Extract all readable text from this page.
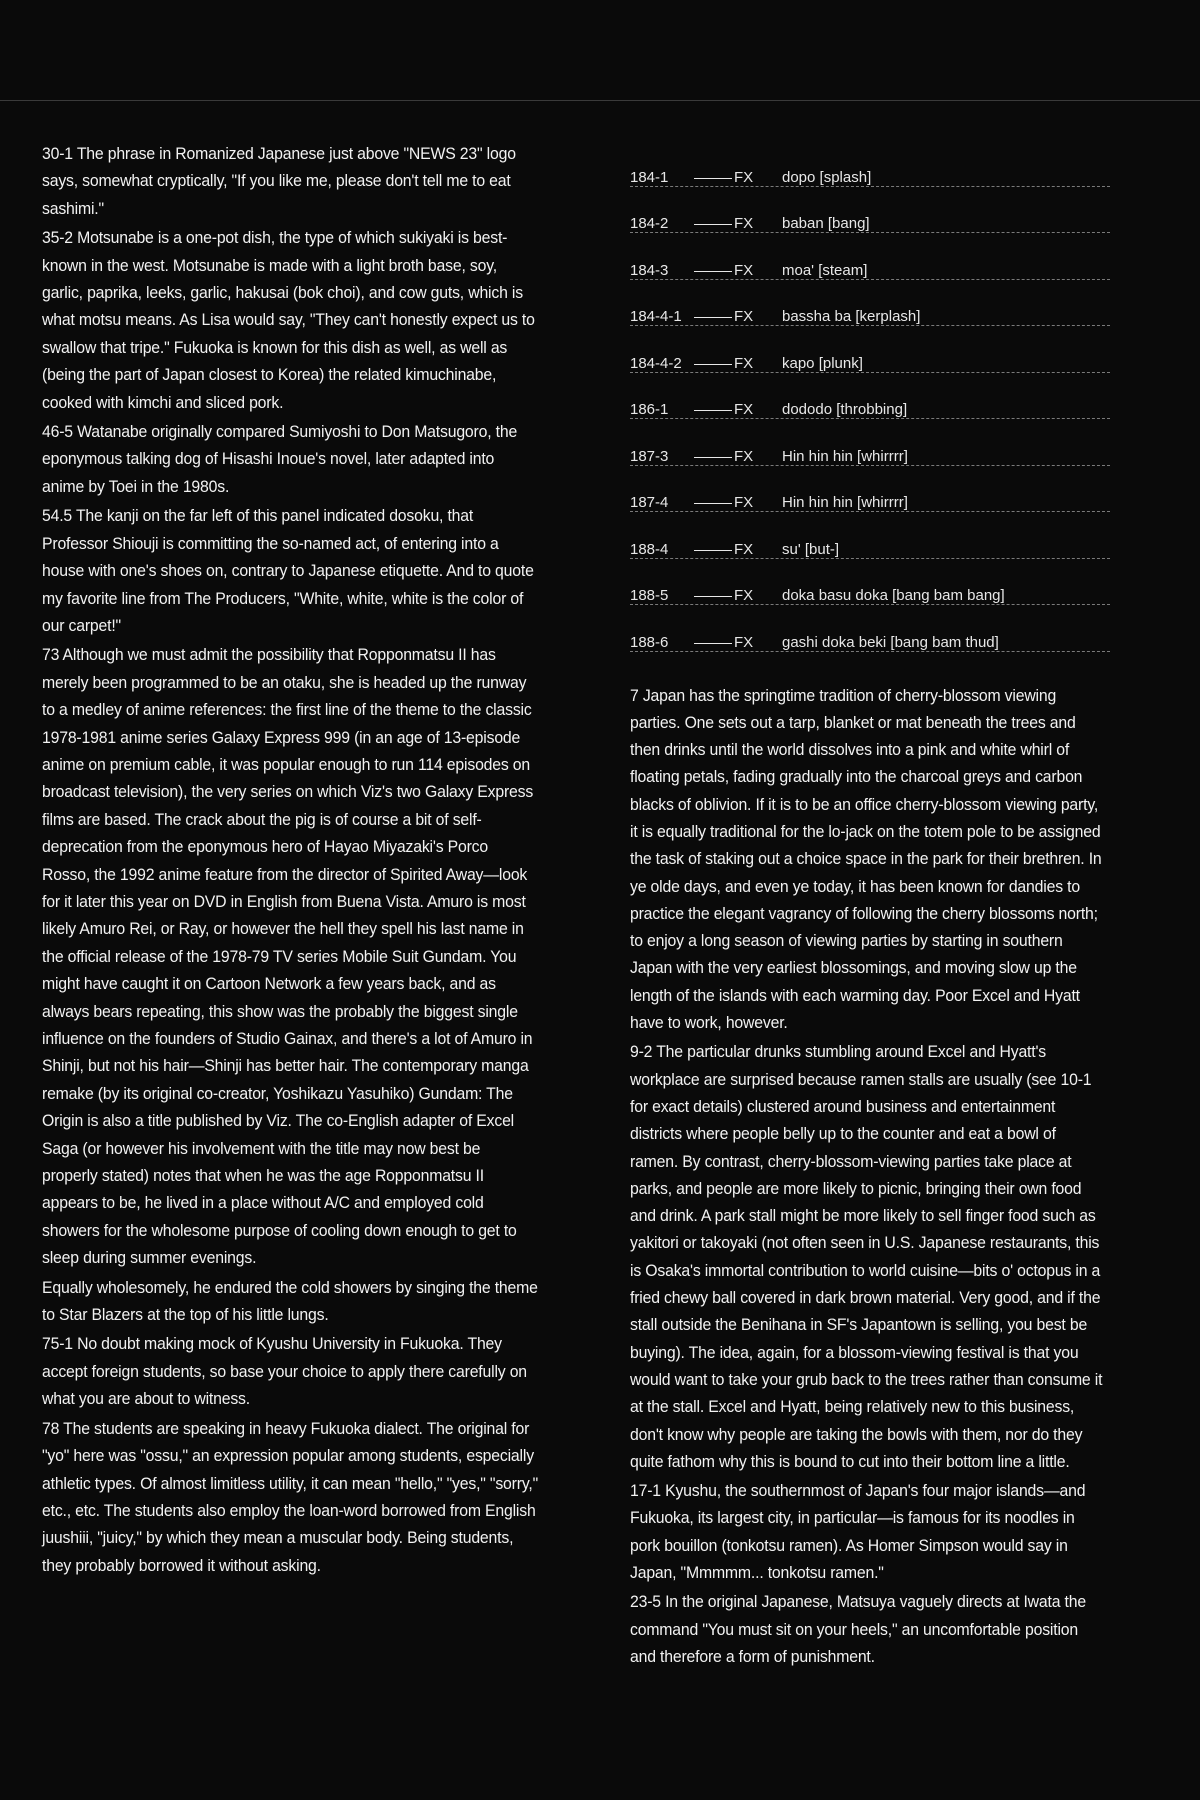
30-1 The phrase in Romanized Japanese just above "NEWS 23" logo says, somewhat cryptically, "If you like me, please don't tell me to eat sashimi."

35-2 Motsunabe is a one-pot dish, the type of which sukiyaki is best-known in the west. Motsunabe is made with a light broth base, soy, garlic, paprika, leeks, garlic, hakusai (bok choi), and cow guts, which is what motsu means. As Lisa would say, "They can't honestly expect us to swallow that tripe." Fukuoka is known for this dish as well, as well as (being the part of Japan closest to Korea) the related kimuchinabe, cooked with kimchi and sliced pork.

46-5 Watanabe originally compared Sumiyoshi to Don Matsugoro, the eponymous talking dog of Hisashi Inoue's novel, later adapted into anime by Toei in the 1980s.

54.5 The kanji on the far left of this panel indicated dosoku, that Professor Shiouji is committing the so-named act, of entering into a house with one's shoes on, contrary to Japanese etiquette. And to quote my favorite line from The Producers, "White, white, white is the color of our carpet!"

73 Although we must admit the possibility that Ropponmatsu II has merely been programmed to be an otaku, she is headed up the runway to a medley of anime references: the first line of the theme to the classic 1978-1981 anime series Galaxy Express 999 (in an age of 13-episode anime on premium cable, it was popular enough to run 114 episodes on broadcast television), the very series on which Viz's two Galaxy Express films are based. The crack about the pig is of course a bit of self-deprecation from the eponymous hero of Hayao Miyazaki's Porco Rosso, the 1992 anime feature from the director of Spirited Away—look for it later this year on DVD in English from Buena Vista. Amuro is most likely Amuro Rei, or Ray, or however the hell they spell his last name in the official release of the 1978-79 TV series Mobile Suit Gundam. You might have caught it on Cartoon Network a few years back, and as always bears repeating, this show was the probably the biggest single influence on the founders of Studio Gainax, and there's a lot of Amuro in Shinji, but not his hair—Shinji has better hair. The contemporary manga remake (by its original co-creator, Yoshikazu Yasuhiko) Gundam: The Origin is also a title published by Viz. The co-English adapter of Excel Saga (or however his involvement with the title may now best be properly stated) notes that when he was the age Ropponmatsu II appears to be, he lived in a place without A/C and employed cold showers for the wholesome purpose of cooling down enough to get to sleep during summer evenings.

Equally wholesomely, he endured the cold showers by singing the theme to Star Blazers at the top of his little lungs.

75-1 No doubt making mock of Kyushu University in Fukuoka. They accept foreign students, so base your choice to apply there carefully on what you are about to witness.

78 The students are speaking in heavy Fukuoka dialect. The original for "yo" here was "ossu," an expression popular among students, especially athletic types. Of almost limitless utility, it can mean "hello," "yes," "sorry," etc., etc. The students also employ the loan-word borrowed from English juushiii, "juicy," by which they mean a muscular body. Being students, they probably borrowed it without asking.

184-1	FX	dopo [splash]
184-2	FX	baban [bang]
184-3	FX	moa' [steam]
184-4-1	FX	bassha ba [kerplash]
184-4-2	FX	kapo [plunk]
186-1	FX	dododo [throbbing]
187-3	FX	Hin hin hin [whirrrr]
187-4	FX	Hin hin hin [whirrrr]
188-4	FX	su' [but-]
188-5	FX	doka basu doka [bang bam bang]
188-6	FX	gashi doka beki [bang bam thud]

7 Japan has the springtime tradition of cherry-blossom viewing parties. One sets out a tarp, blanket or mat beneath the trees and then drinks until the world dissolves into a pink and white whirl of floating petals, fading gradually into the charcoal greys and carbon blacks of oblivion. If it is to be an office cherry-blossom viewing party, it is equally traditional for the lo-jack on the totem pole to be assigned the task of staking out a choice space in the park for their brethren. In ye olde days, and even ye today, it has been known for dandies to practice the elegant vagrancy of following the cherry blossoms north; to enjoy a long season of viewing parties by starting in southern Japan with the very earliest blossomings, and moving slow up the length of the islands with each warming day. Poor Excel and Hyatt have to work, however.

9-2 The particular drunks stumbling around Excel and Hyatt's workplace are surprised because ramen stalls are usually (see 10-1 for exact details) clustered around business and entertainment districts where people belly up to the counter and eat a bowl of ramen. By contrast, cherry-blossom-viewing parties take place at parks, and people are more likely to picnic, bringing their own food and drink. A park stall might be more likely to sell finger food such as yakitori or takoyaki (not often seen in U.S. Japanese restaurants, this is Osaka's immortal contribution to world cuisine—bits o' octopus in a fried chewy ball covered in dark brown material. Very good, and if the stall outside the Benihana in SF's Japantown is selling, you best be buying). The idea, again, for a blossom-viewing festival is that you would want to take your grub back to the trees rather than consume it at the stall. Excel and Hyatt, being relatively new to this business, don't know why people are taking the bowls with them, nor do they quite fathom why this is bound to cut into their bottom line a little.

17-1 Kyushu, the southernmost of Japan's four major islands—and Fukuoka, its largest city, in particular—is famous for its noodles in pork bouillon (tonkotsu ramen). As Homer Simpson would say in Japan, "Mmmmm... tonkotsu ramen."

23-5 In the original Japanese, Matsuya vaguely directs at Iwata the command "You must sit on your heels," an uncomfortable position and therefore a form of punishment.
